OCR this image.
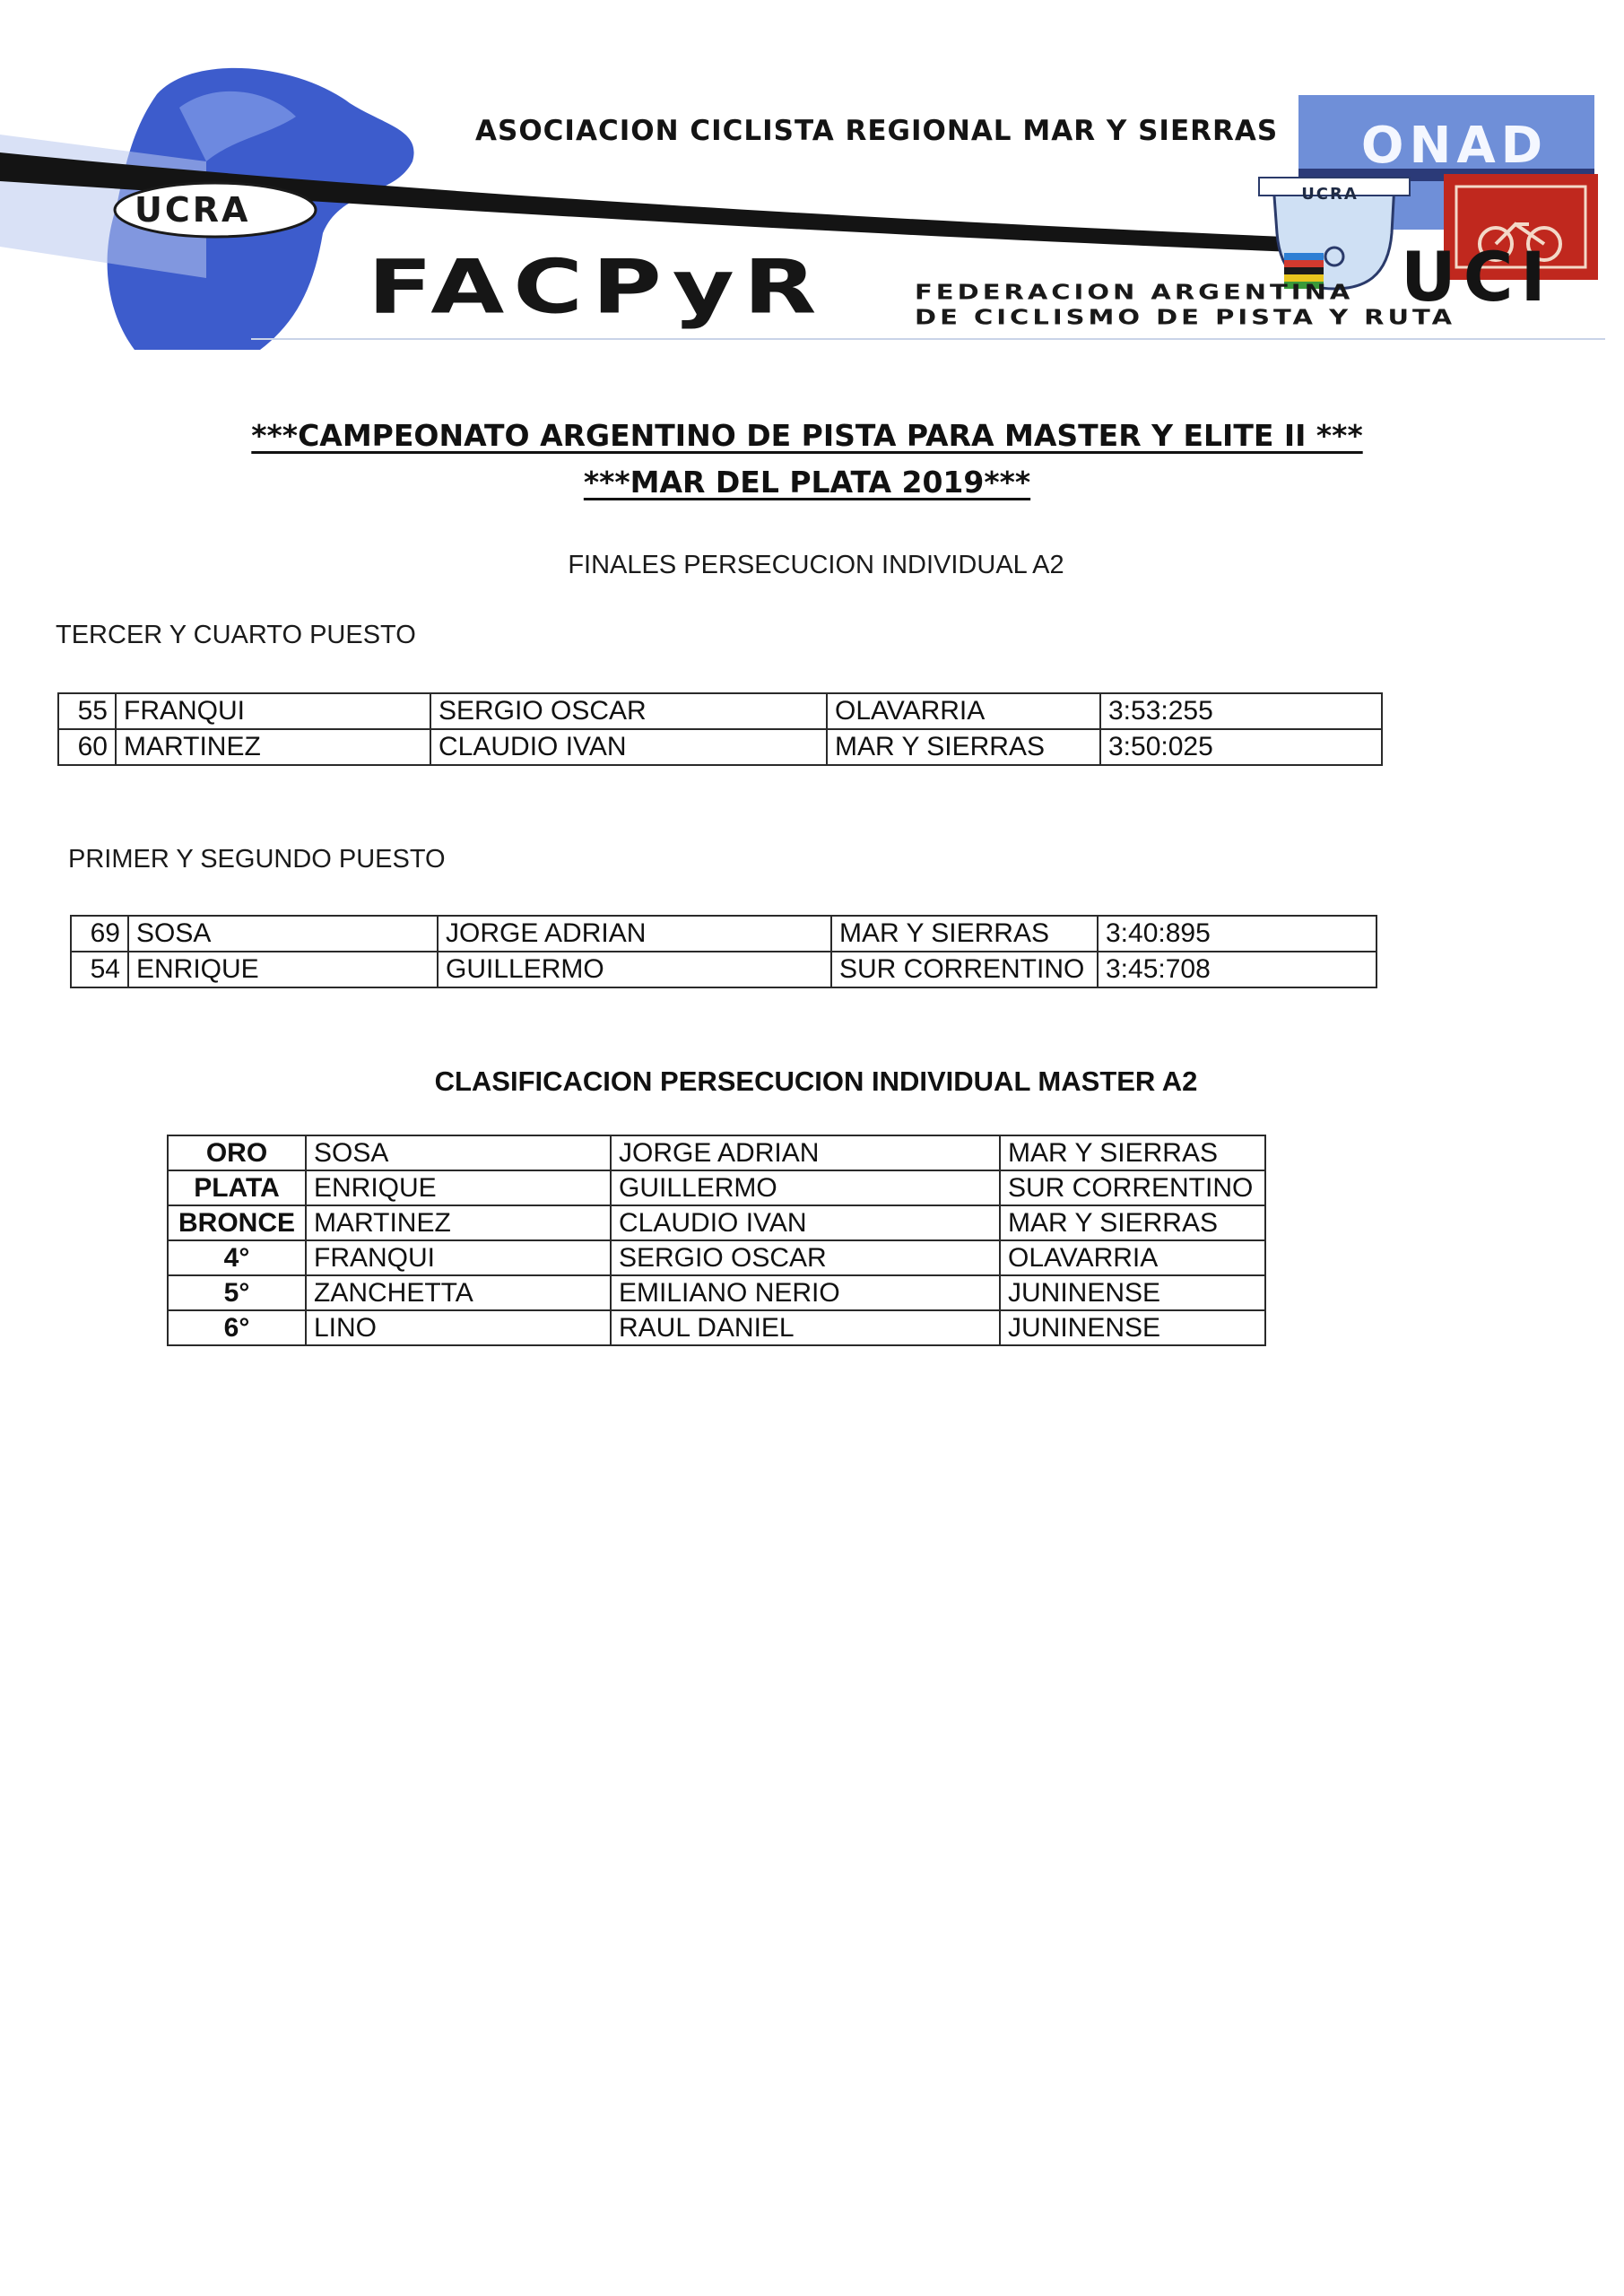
ASOCIACION CICLISTA REGIONAL MAR Y SIERRAS
UCRA
ONAD
UCRA
UCI
FACPyR	FEDERACION ARGENTINA
DE CICLISMO DE PISTA Y RUTA
***CAMPEONATO ARGENTINO DE PISTA PARA MASTER Y ELITE II ***
***MAR DEL PLATA 2019***
FINALES PERSECUCION INDIVIDUAL A2
TERCER Y CUARTO PUESTO
55	FRANQUI	SERGIO OSCAR	OLAVARRIA	3:53:255
60	MARTINEZ	CLAUDIO IVAN	MAR Y SIERRAS	3:50:025
PRIMER Y SEGUNDO PUESTO
69	SOSA	JORGE ADRIAN	MAR Y SIERRAS	3:40:895
54	ENRIQUE	GUILLERMO	SUR CORRENTINO	3:45:708
CLASIFICACION PERSECUCION INDIVIDUAL MASTER A2
ORO	SOSA	JORGE ADRIAN	MAR Y SIERRAS
PLATA	ENRIQUE	GUILLERMO	SUR CORRENTINO
BRONCE	MARTINEZ	CLAUDIO IVAN	MAR Y SIERRAS
4°	FRANQUI	SERGIO OSCAR	OLAVARRIA
5°	ZANCHETTA	EMILIANO NERIO	JUNINENSE
6°	LINO	RAUL DANIEL	JUNINENSE
